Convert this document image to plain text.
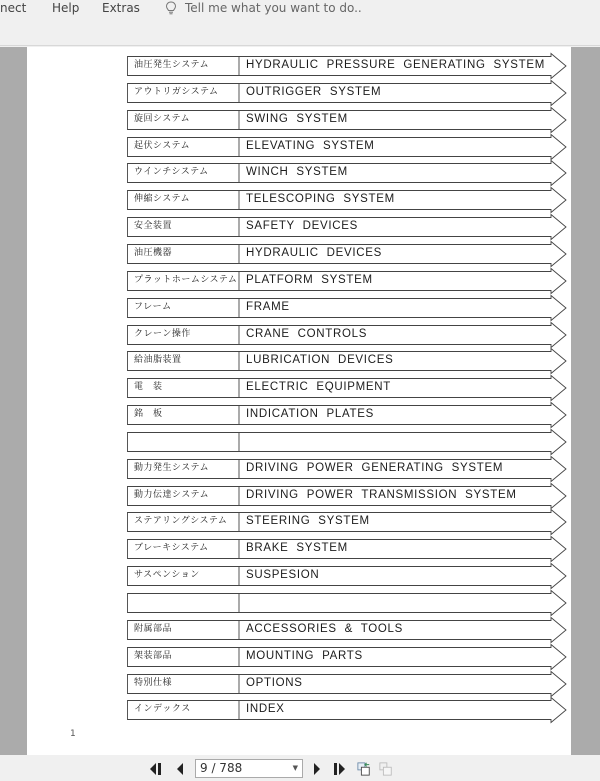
nect Help Extras	Tell me what you want to do..
油圧発生システム	HYDRAULIC PRESSURE GENERATING SYSTEM
アウトリガシステム	OUTRIGGER SYSTEM
旋回システム	SWING SYSTEM
起伏システム	ELEVATING SYSTEM
ウインチシステム	WINCH SYSTEM
伸縮システム	TELESCOPING SYSTEM
安全装置	SAFETY DEVICES
油圧機器	HYDRAULIC DEVICES
プラットホームシステム PLATFORM SYSTEM
フレーム	FRAME
クレーン操作	CRANE CONTROLS
給油脂装置	LUBRICATION DEVICES
電　装	ELECTRIC EQUIPMENT
銘　板	INDICATION PLATES
動力発生システム	DRIVING POWER GENERATING SYSTEM
動力伝達システム	DRIVING POWER TRANSMISSION SYSTEM
ステアリングシステム	STEERING SYSTEM
ブレーキシステム	BRAKE SYSTEM
サスペンション	SUSPESION
附属部品	ACCESSORIES & TOOLS
架装部品	MOUNTING PARTS
特別仕様	OPTIONS
インデックス	INDEX
1
9 / 788	▼
